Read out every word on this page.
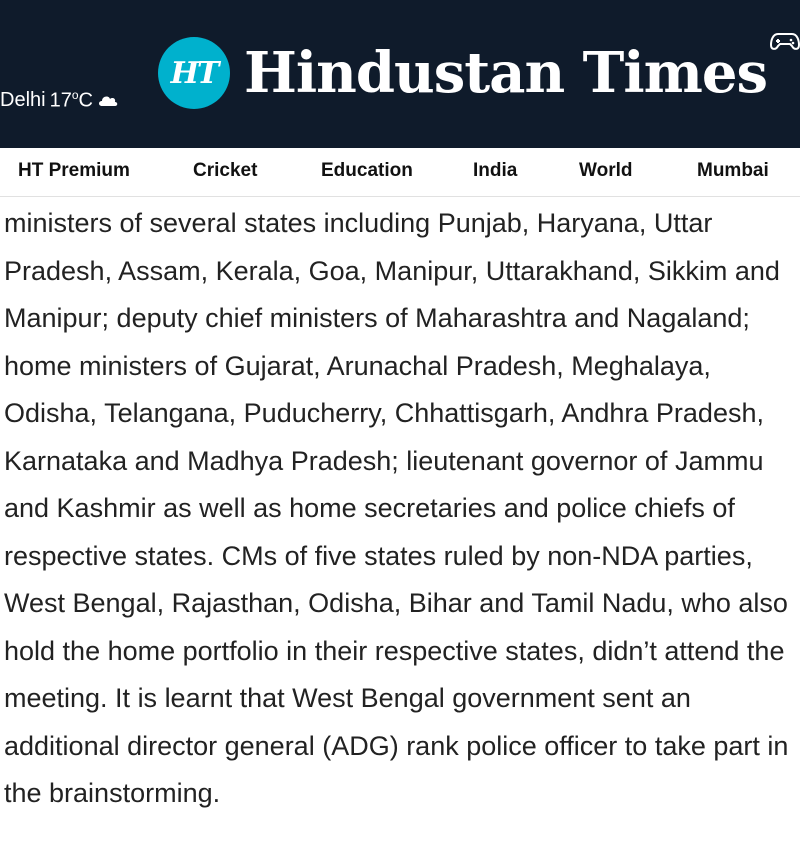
Delhi 17$^o$C
HT Hindustan Times
HT Premium	Cricket	Education	India	World	Mumbai

ministers of several states including Punjab, Haryana, Uttar Pradesh, Assam, Kerala, Goa, Manipur, Uttarakhand, Sikkim and Manipur; deputy chief ministers of Maharashtra and Nagaland; home ministers of Gujarat, Arunachal Pradesh, Meghalaya, Odisha, Telangana, Puducherry, Chhattisgarh, Andhra Pradesh, Karnataka and Madhya Pradesh; lieutenant governor of Jammu and Kashmir as well as home secretaries and police chiefs of respective states. CMs of five states ruled by non-NDA parties, West Bengal, Rajasthan, Odisha, Bihar and Tamil Nadu, who also hold the home portfolio in their respective states, didn’t attend the meeting. It is learnt that West Bengal government sent an additional director general (ADG) rank police officer to take part in the brainstorming.
